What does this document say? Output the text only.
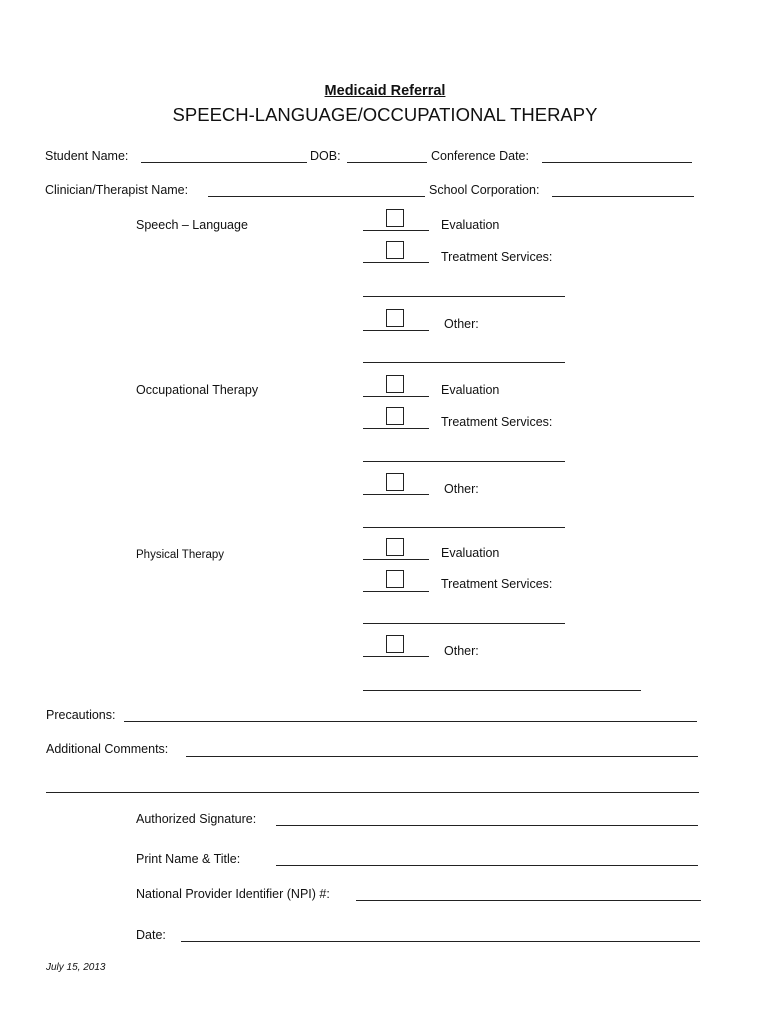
Medicaid Referral
SPEECH-LANGUAGE/OCCUPATIONAL THERAPY
Student Name:	DOB:	Conference Date:
Clinician/Therapist Name:	School Corporation:
Speech – Language	Evaluation
Treatment Services:
Other:
Occupational Therapy	Evaluation
Treatment Services:
Other:
Physical Therapy	Evaluation
Treatment Services:
Other:
Precautions:
Additional Comments:
Authorized Signature:
Print Name & Title:
National Provider Identifier (NPI) #:
Date:
July 15, 2013
